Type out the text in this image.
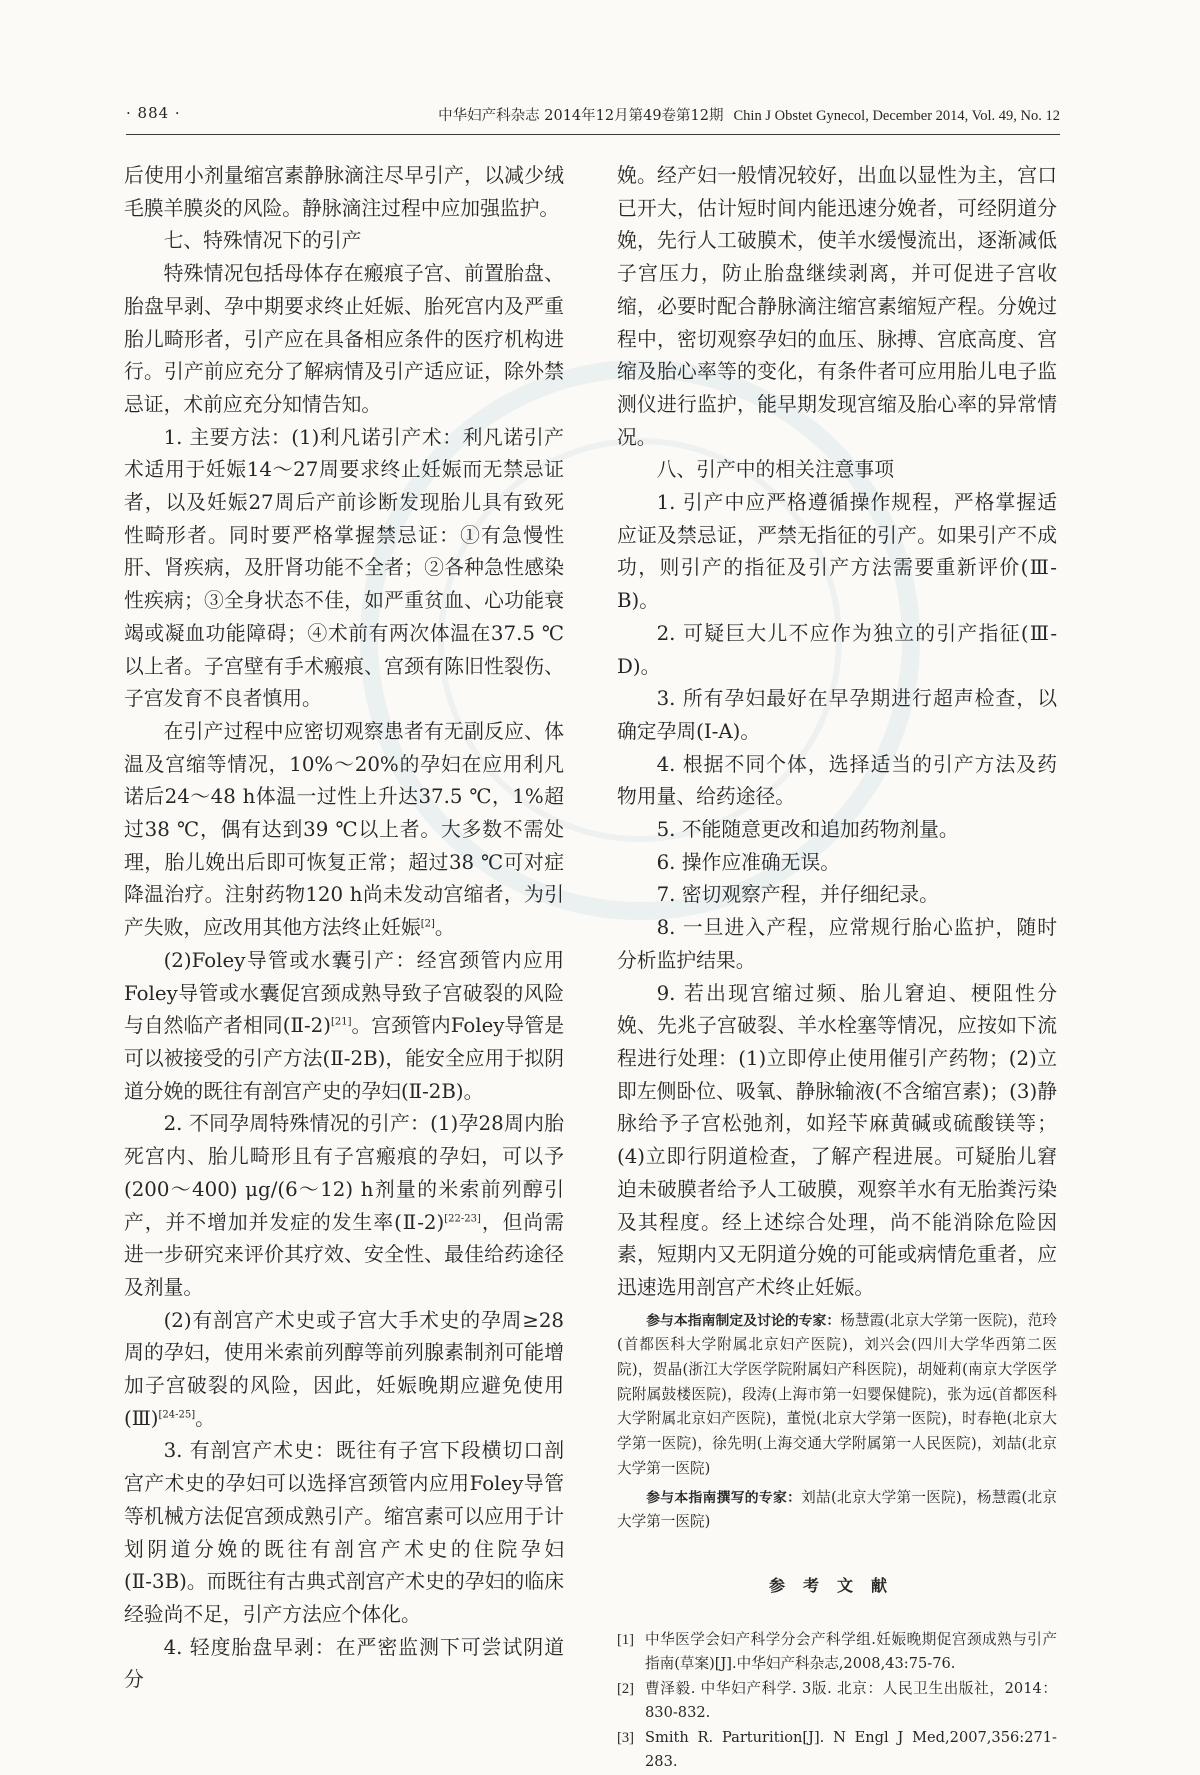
· 884 ·	中华妇产科杂志 2014年12月第49卷第12期 Chin J Obstet Gynecol, December 2014, Vol. 49, No. 12

后使用小剂量缩宫素静脉滴注尽早引产，以减少绒毛膜羊膜炎的风险。静脉滴注过程中应加强监护。

七、特殊情况下的引产

特殊情况包括母体存在瘢痕子宫、前置胎盘、胎盘早剥、孕中期要求终止妊娠、胎死宫内及严重胎儿畸形者，引产应在具备相应条件的医疗机构进行。引产前应充分了解病情及引产适应证，除外禁忌证，术前应充分知情告知。

1. 主要方法：(1)利凡诺引产术：利凡诺引产术适用于妊娠14～27周要求终止妊娠而无禁忌证者，以及妊娠27周后产前诊断发现胎儿具有致死性畸形者。同时要严格掌握禁忌证：①有急慢性肝、肾疾病，及肝肾功能不全者；②各种急性感染性疾病；③全身状态不佳，如严重贫血、心功能衰竭或凝血功能障碍；④术前有两次体温在37.5 ℃以上者。子宫壁有手术瘢痕、宫颈有陈旧性裂伤、子宫发育不良者慎用。

在引产过程中应密切观察患者有无副反应、体温及宫缩等情况，10%～20%的孕妇在应用利凡诺后24～48 h体温一过性上升达37.5 ℃，1%超过38 ℃，偶有达到39 ℃以上者。大多数不需处理，胎儿娩出后即可恢复正常；超过38 ℃可对症降温治疗。注射药物120 h尚未发动宫缩者，为引产失败，应改用其他方法终止妊娠[2]。

(2)Foley导管或水囊引产：经宫颈管内应用Foley导管或水囊促宫颈成熟导致子宫破裂的风险与自然临产者相同(Ⅱ-2)[21]。宫颈管内Foley导管是可以被接受的引产方法(Ⅱ-2B)，能安全应用于拟阴道分娩的既往有剖宫产史的孕妇(Ⅱ-2B)。

2. 不同孕周特殊情况的引产：(1)孕28周内胎死宫内、胎儿畸形且有子宫瘢痕的孕妇，可以予(200～400) μg/(6～12) h剂量的米索前列醇引产，并不增加并发症的发生率(Ⅱ-2)[22-23]，但尚需进一步研究来评价其疗效、安全性、最佳给药途径及剂量。

(2)有剖宫产术史或子宫大手术史的孕周≥28周的孕妇，使用米索前列醇等前列腺素制剂可能增加子宫破裂的风险，因此，妊娠晚期应避免使用(Ⅲ)[24-25]。

3. 有剖宫产术史：既往有子宫下段横切口剖宫产术史的孕妇可以选择宫颈管内应用Foley导管等机械方法促宫颈成熟引产。缩宫素可以应用于计划阴道分娩的既往有剖宫产术史的住院孕妇(Ⅱ-3B)。而既往有古典式剖宫产术史的孕妇的临床经验尚不足，引产方法应个体化。

4. 轻度胎盘早剥：在严密监测下可尝试阴道分

娩。经产妇一般情况较好，出血以显性为主，宫口已开大，估计短时间内能迅速分娩者，可经阴道分娩，先行人工破膜术，使羊水缓慢流出，逐渐减低子宫压力，防止胎盘继续剥离，并可促进子宫收缩，必要时配合静脉滴注缩宫素缩短产程。分娩过程中，密切观察孕妇的血压、脉搏、宫底高度、宫缩及胎心率等的变化，有条件者可应用胎儿电子监测仪进行监护，能早期发现宫缩及胎心率的异常情况。

八、引产中的相关注意事项

1. 引产中应严格遵循操作规程，严格掌握适应证及禁忌证，严禁无指征的引产。如果引产不成功，则引产的指征及引产方法需要重新评价(Ⅲ-B)。

2. 可疑巨大儿不应作为独立的引产指征(Ⅲ-D)。

3. 所有孕妇最好在早孕期进行超声检查，以确定孕周(Ⅰ-A)。

4. 根据不同个体，选择适当的引产方法及药物用量、给药途径。

5. 不能随意更改和追加药物剂量。

6. 操作应准确无误。

7. 密切观察产程，并仔细纪录。

8. 一旦进入产程，应常规行胎心监护，随时分析监护结果。

9. 若出现宫缩过频、胎儿窘迫、梗阻性分娩、先兆子宫破裂、羊水栓塞等情况，应按如下流程进行处理：(1)立即停止使用催引产药物；(2)立即左侧卧位、吸氧、静脉输液(不含缩宫素)；(3)静脉给予子宫松弛剂，如羟苄麻黄碱或硫酸镁等；(4)立即行阴道检查，了解产程进展。可疑胎儿窘迫未破膜者给予人工破膜，观察羊水有无胎粪污染及其程度。经上述综合处理，尚不能消除危险因素，短期内又无阴道分娩的可能或病情危重者，应迅速选用剖宫产术终止妊娠。

参与本指南制定及讨论的专家：杨慧霞(北京大学第一医院)，范玲(首都医科大学附属北京妇产医院)，刘兴会(四川大学华西第二医院)，贺晶(浙江大学医学院附属妇产科医院)，胡娅莉(南京大学医学院附属鼓楼医院)，段涛(上海市第一妇婴保健院)，张为远(首都医科大学附属北京妇产医院)，董悦(北京大学第一医院)，时春艳(北京大学第一医院)，徐先明(上海交通大学附属第一人民医院)，刘喆(北京大学第一医院)

参与本指南撰写的专家：刘喆(北京大学第一医院)，杨慧霞(北京大学第一医院)

参考文献
[1] 中华医学会妇产科学分会产科学组.妊娠晚期促宫颈成熟与引产指南(草案)[J].中华妇产科杂志,2008,43:75-76.
[2] 曹泽毅. 中华妇产科学. 3版. 北京：人民卫生出版社，2014：830-832.
[3] Smith R. Parturition[J]. N Engl J Med,2007,356:271-283.
